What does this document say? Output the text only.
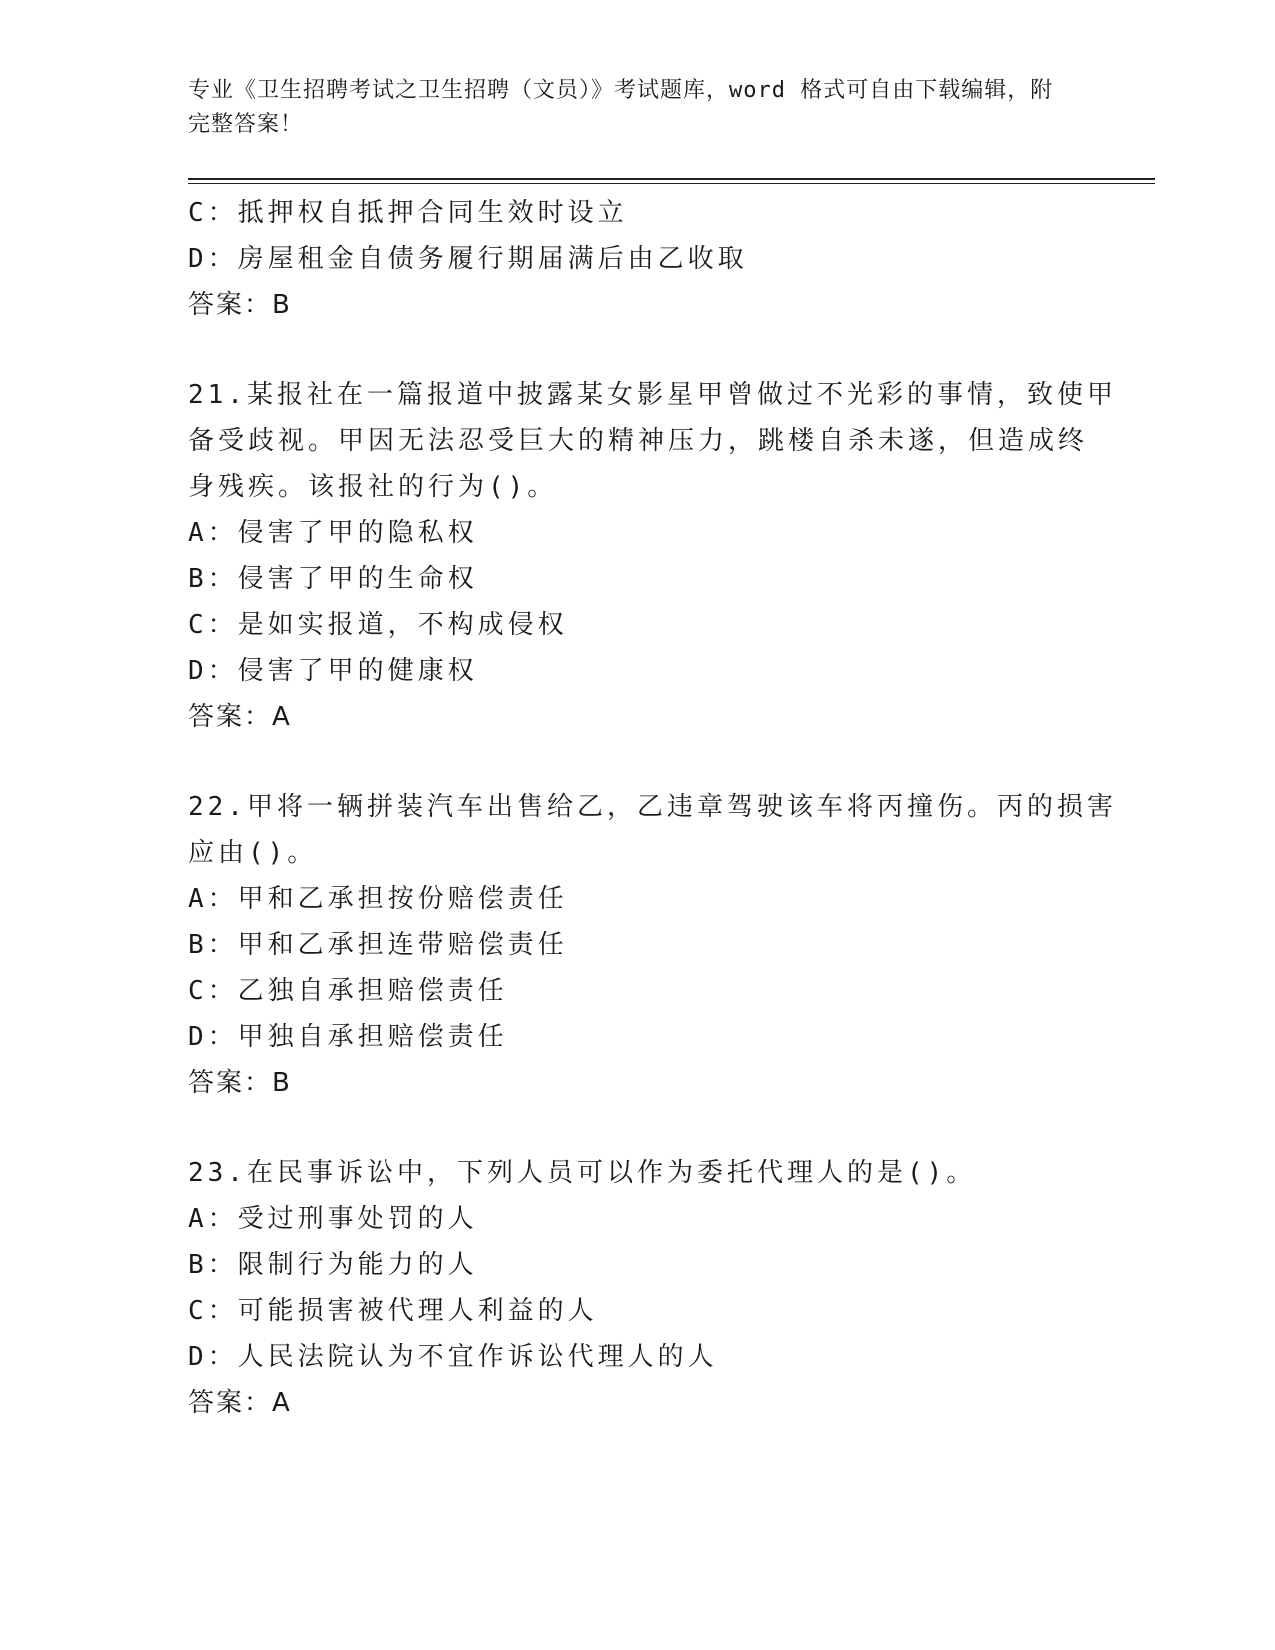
专业《卫生招聘考试之卫生招聘（文员）》考试题库，word 格式可自由下载编辑，附完整答案！
C：抵押权自抵押合同生效时设立
D：房屋租金自债务履行期届满后由乙收取
答案：B
21.某报社在一篇报道中披露某女影星甲曾做过不光彩的事情，致使甲
备受歧视。甲因无法忍受巨大的精神压力，跳楼自杀未遂，但造成终
身残疾。该报社的行为()。
A：侵害了甲的隐私权
B：侵害了甲的生命权
C：是如实报道，不构成侵权
D：侵害了甲的健康权
答案：A
22.甲将一辆拼装汽车出售给乙，乙违章驾驶该车将丙撞伤。丙的损害
应由()。
A：甲和乙承担按份赔偿责任
B：甲和乙承担连带赔偿责任
C：乙独自承担赔偿责任
D：甲独自承担赔偿责任
答案：B
23.在民事诉讼中，下列人员可以作为委托代理人的是()。
A：受过刑事处罚的人
B：限制行为能力的人
C：可能损害被代理人利益的人
D：人民法院认为不宜作诉讼代理人的人
答案：A
